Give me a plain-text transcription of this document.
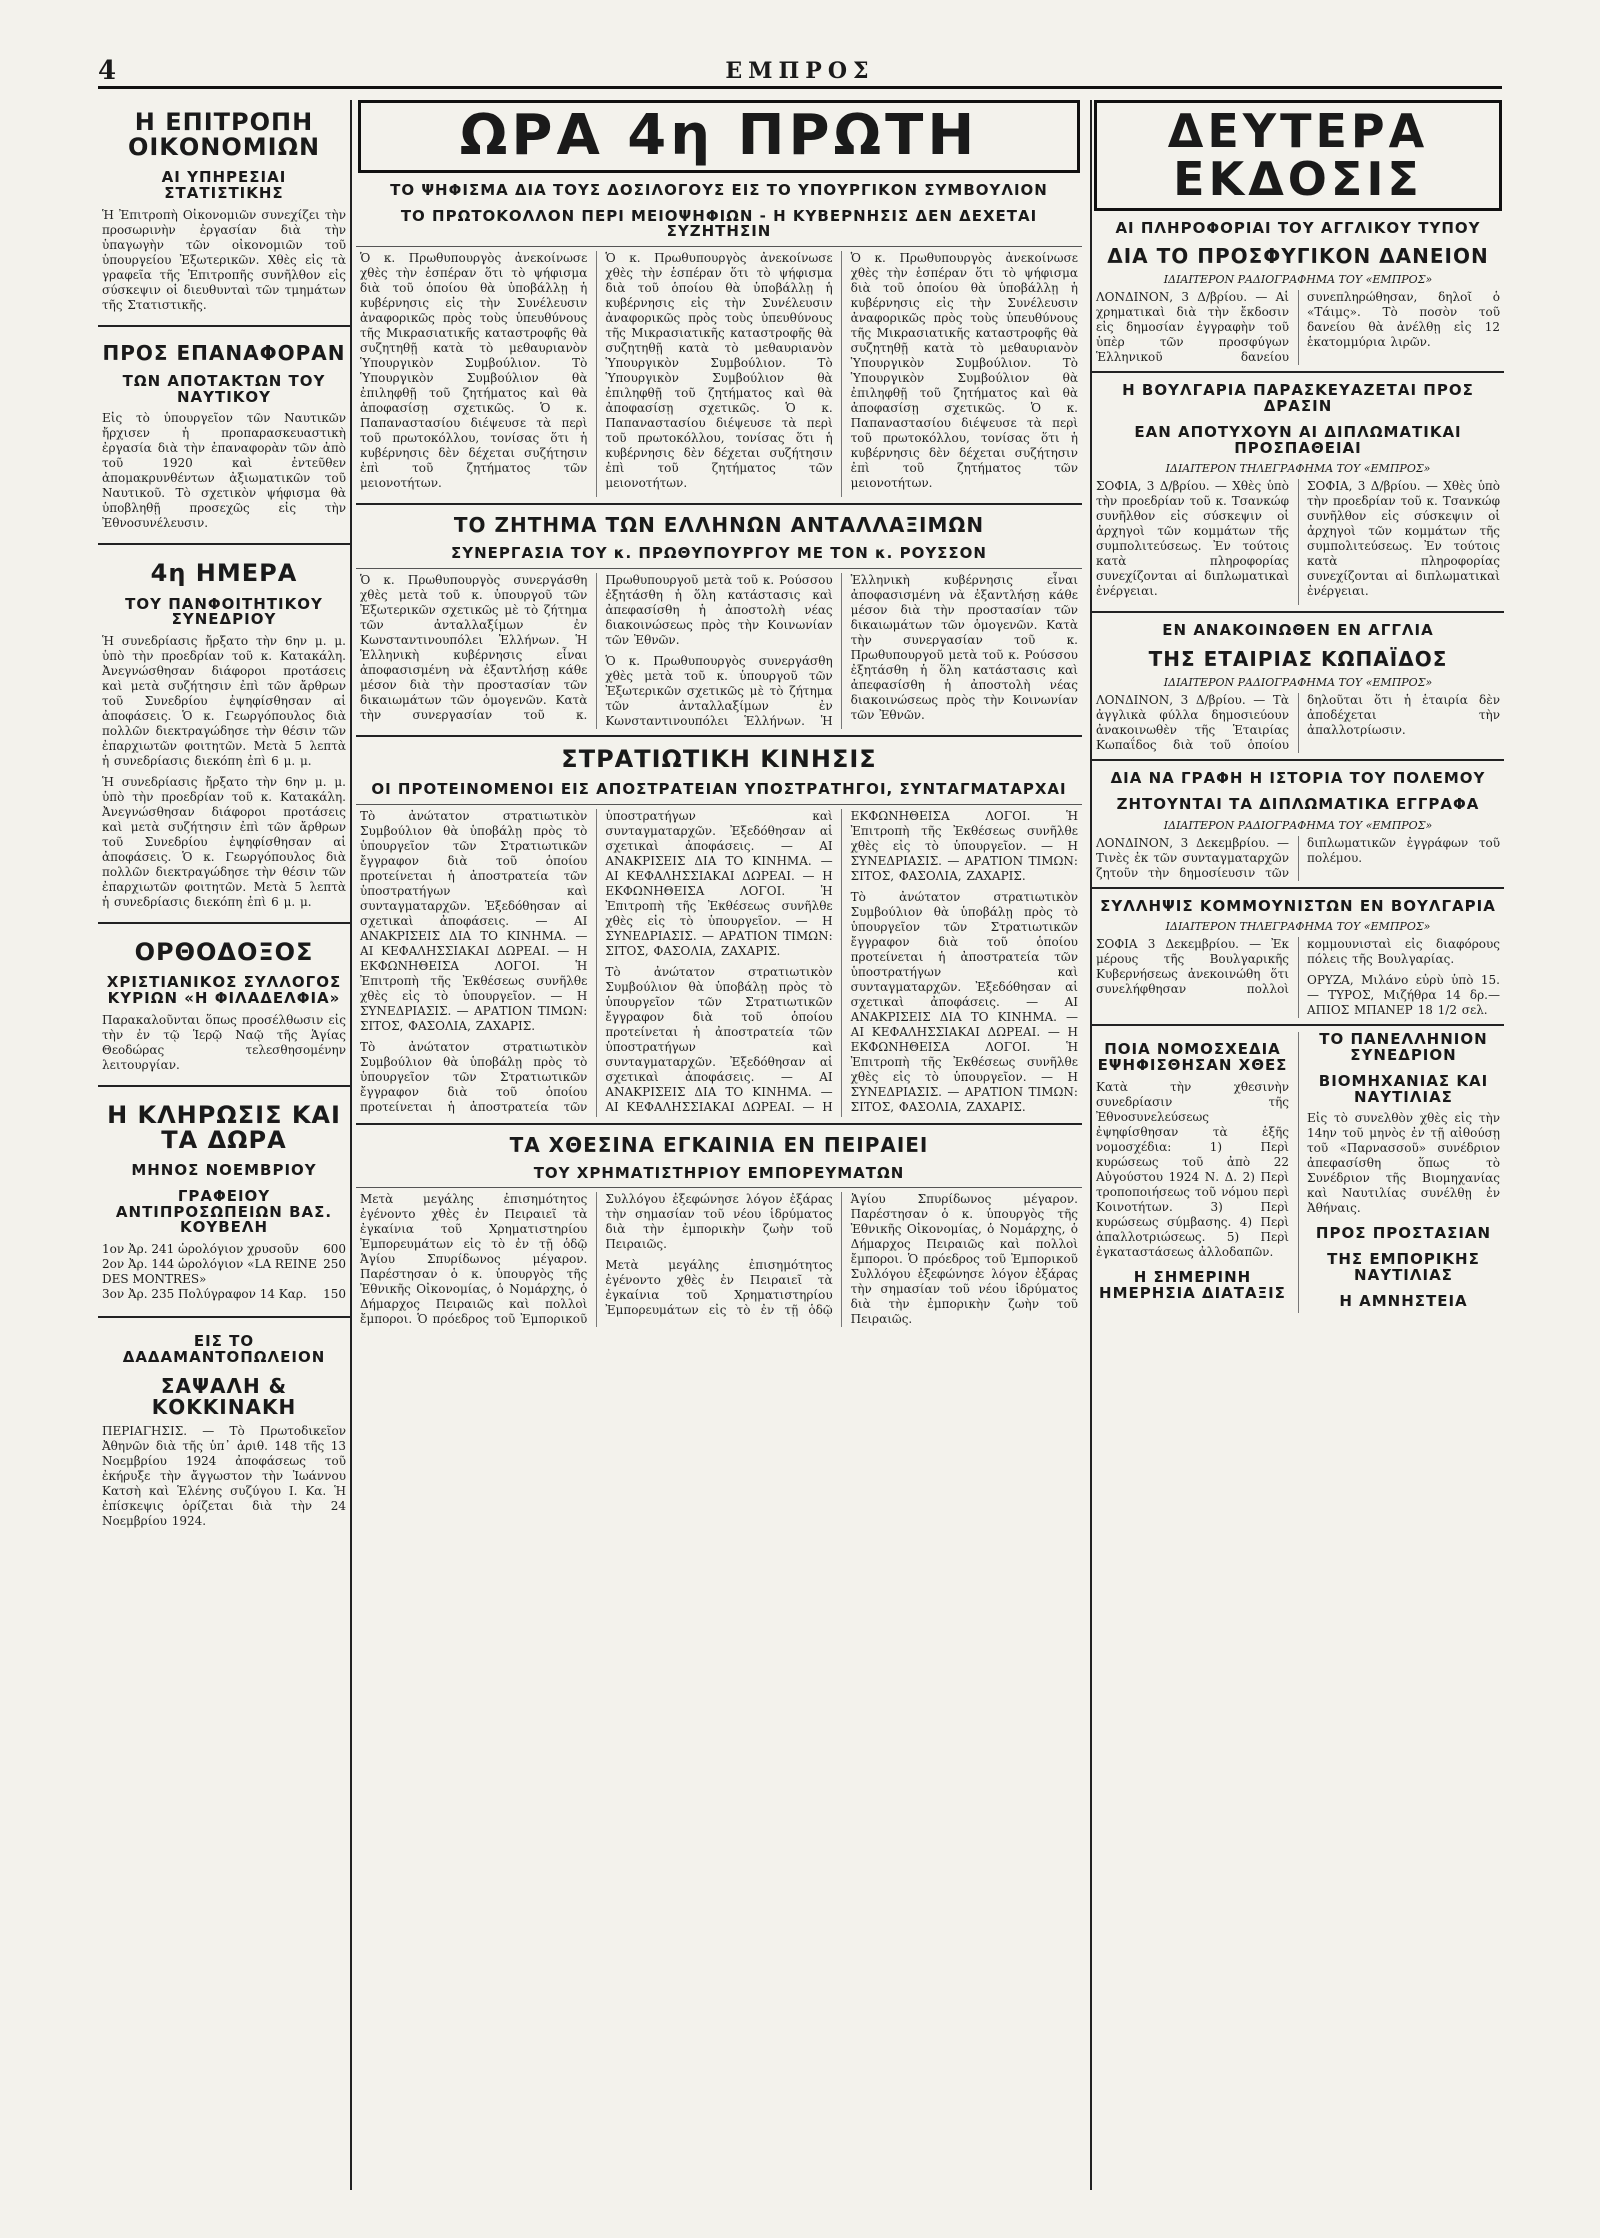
4	ΕΜΠΡΟΣ
Η ΕΠΙΤΡΟΠΗ ΟΙΚΟΝΟΜΙΩΝ
ΑΙ ΥΠΗΡΕΣΙΑΙ ΣΤΑΤΙΣΤΙΚΗΣ

Ἡ Ἐπιτροπὴ Οἰκονομιῶν συνεχίζει τὴν προσωρινὴν ἐργασίαν διὰ τὴν ὑπαγωγὴν τῶν οἰκονομιῶν τοῦ ὑπουργείου Ἐξωτερικῶν. Χθὲς εἰς τὰ γραφεῖα τῆς Ἐπιτροπῆς συνῆλθον εἰς σύσκεψιν οἱ διευθυνταὶ τῶν τμημάτων τῆς Στατιστικῆς.

ΠΡΟΣ ΕΠΑΝΑΦΟΡΑΝ
ΤΩΝ ΑΠΟΤΑΚΤΩΝ ΤΟΥ ΝΑΥΤΙΚΟΥ

Εἰς τὸ ὑπουργεῖον τῶν Ναυτικῶν ἤρχισεν ἡ προπαρασκευαστικὴ ἐργασία διὰ τὴν ἐπαναφορὰν τῶν ἀπὸ τοῦ 1920 καὶ ἐντεῦθεν ἀπομακρυνθέντων ἀξιωματικῶν τοῦ Ναυτικοῦ. Τὸ σχετικὸν ψήφισμα θὰ ὑποβληθῇ προσεχῶς εἰς τὴν Ἐθνοσυνέλευσιν.

4η ΗΜΕΡΑ
ΤΟΥ ΠΑΝΦΟΙΤΗΤΙΚΟΥ ΣΥΝΕΔΡΙΟΥ

Ἡ συνεδρίασις ἤρξατο τὴν 6ην μ. μ. ὑπὸ τὴν προεδρίαν τοῦ κ. Κατακάλη. Ἀνεγνώσθησαν διάφοροι προτάσεις καὶ μετὰ συζήτησιν ἐπὶ τῶν ἄρθρων τοῦ Συνεδρίου ἐψηφίσθησαν αἱ ἀποφάσεις. Ὁ κ. Γεωργόπουλος διὰ πολλῶν διεκτραγώδησε τὴν θέσιν τῶν ἐπαρχιωτῶν φοιτητῶν. Μετὰ 5 λεπτὰ ἡ συνεδρίασις διεκόπη ἐπὶ 6 μ. μ.

Ἡ συνεδρίασις ἤρξατο τὴν 6ην μ. μ. ὑπὸ τὴν προεδρίαν τοῦ κ. Κατακάλη. Ἀνεγνώσθησαν διάφοροι προτάσεις καὶ μετὰ συζήτησιν ἐπὶ τῶν ἄρθρων τοῦ Συνεδρίου ἐψηφίσθησαν αἱ ἀποφάσεις. Ὁ κ. Γεωργόπουλος διὰ πολλῶν διεκτραγώδησε τὴν θέσιν τῶν ἐπαρχιωτῶν φοιτητῶν. Μετὰ 5 λεπτὰ ἡ συνεδρίασις διεκόπη ἐπὶ 6 μ. μ.

ΟΡΘΟΔΟΞΟΣ
ΧΡΙΣΤΙΑΝΙΚΟΣ ΣΥΛΛΟΓΟΣ ΚΥΡΙΩΝ «Η ΦΙΛΑΔΕΛΦΙΑ»

Παρακαλοῦνται ὅπως προσέλθωσιν εἰς τὴν ἐν τῷ Ἱερῷ Ναῷ τῆς Ἁγίας Θεοδώρας τελεσθησομένην λειτουργίαν.

Η ΚΛΗΡΩΣΙΣ ΚΑΙ ΤΑ ΔΩΡΑ
ΜΗΝΟΣ ΝΟΕΜΒΡΙΟΥ
ΓΡΑΦΕΙΟΥ ΑΝΤΙΠΡΟΣΩΠΕΙΩΝ ΒΑΣ. ΚΟΥΒΕΛΗ
1ον Ἀρ. 241 ὡρολόγιον χρυσοῦν 600
2ον Ἀρ. 144 ὡρολόγιον «LA REINE DES MONTRES»
250
3ον Ἀρ. 235 Πολύγραφον 14 Καρ. 150
ΕΙΣ ΤΟ ΔΑΔΑΜΑΝΤΟΠΩΛΕΙΟΝ
ΣΑΨΑΛΗ & ΚΟΚΚΙΝΑΚΗ

ΠΕΡΙΑΓΗΣΙΣ. — Τὸ Πρωτοδικεῖον Ἀθηνῶν διὰ τῆς ὑπ᾽ ἀριθ. 148 τῆς 13 Νοεμβρίου 1924 ἀποφάσεως τοῦ ἐκήρυξε τὴν ἄγγωστον τὴν Ἰωάννου Κατσὴ καὶ Ἑλένης συζύγου I. Κα. Ἡ ἐπίσκεψις ὁρίζεται διὰ τὴν 24 Νοεμβρίου 1924.

ΩΡΑ 4η ΠΡΩΤΗ
ΤΟ ΨΗΦΙΣΜΑ ΔΙΑ ΤΟΥΣ ΔΟΣΙΛΟΓΟΥΣ ΕΙΣ ΤΟ ΥΠΟΥΡΓΙΚΟΝ ΣΥΜΒΟΥΛΙΟΝ
ΤΟ ΠΡΩΤΟΚΟΛΛΟΝ ΠΕΡΙ ΜΕΙΟΨΗΦΙΩΝ - Η ΚΥΒΕΡΝΗΣΙΣ ΔΕΝ ΔΕΧΕΤΑΙ ΣΥΖΗΤΗΣΙΝ

Ὁ κ. Πρωθυπουργὸς ἀνεκοίνωσε χθὲς τὴν ἑσπέραν ὅτι τὸ ψήφισμα διὰ τοῦ ὁποίου θὰ ὑποβάλλῃ ἡ κυβέρνησις εἰς τὴν Συνέλευσιν ἀναφορικῶς πρὸς τοὺς ὑπευθύνους τῆς Μικρασιατικῆς καταστροφῆς θὰ συζητηθῇ κατὰ τὸ μεθαυριανὸν Ὑπουργικὸν Συμβούλιον. Τὸ Ὑπουργικὸν Συμβούλιον θὰ ἐπιληφθῇ τοῦ ζητήματος καὶ θὰ ἀποφασίσῃ σχετικῶς. Ὁ κ. Παπαναστασίου διέψευσε τὰ περὶ τοῦ πρωτοκόλλου, τονίσας ὅτι ἡ κυβέρνησις δὲν δέχεται συζήτησιν ἐπὶ τοῦ ζητήματος τῶν μειονοτήτων.

Ὁ κ. Πρωθυπουργὸς ἀνεκοίνωσε χθὲς τὴν ἑσπέραν ὅτι τὸ ψήφισμα διὰ τοῦ ὁποίου θὰ ὑποβάλλῃ ἡ κυβέρνησις εἰς τὴν Συνέλευσιν ἀναφορικῶς πρὸς τοὺς ὑπευθύνους τῆς Μικρασιατικῆς καταστροφῆς θὰ συζητηθῇ κατὰ τὸ μεθαυριανὸν Ὑπουργικὸν Συμβούλιον. Τὸ Ὑπουργικὸν Συμβούλιον θὰ ἐπιληφθῇ τοῦ ζητήματος καὶ θὰ ἀποφασίσῃ σχετικῶς. Ὁ κ. Παπαναστασίου διέψευσε τὰ περὶ τοῦ πρωτοκόλλου, τονίσας ὅτι ἡ κυβέρνησις δὲν δέχεται συζήτησιν ἐπὶ τοῦ ζητήματος τῶν μειονοτήτων.

Ὁ κ. Πρωθυπουργὸς ἀνεκοίνωσε χθὲς τὴν ἑσπέραν ὅτι τὸ ψήφισμα διὰ τοῦ ὁποίου θὰ ὑποβάλλῃ ἡ κυβέρνησις εἰς τὴν Συνέλευσιν ἀναφορικῶς πρὸς τοὺς ὑπευθύνους τῆς Μικρασιατικῆς καταστροφῆς θὰ συζητηθῇ κατὰ τὸ μεθαυριανὸν Ὑπουργικὸν Συμβούλιον. Τὸ Ὑπουργικὸν Συμβούλιον θὰ ἐπιληφθῇ τοῦ ζητήματος καὶ θὰ ἀποφασίσῃ σχετικῶς. Ὁ κ. Παπαναστασίου διέψευσε τὰ περὶ τοῦ πρωτοκόλλου, τονίσας ὅτι ἡ κυβέρνησις δὲν δέχεται συζήτησιν ἐπὶ τοῦ ζητήματος τῶν μειονοτήτων.

ΤΟ ΖΗΤΗΜΑ ΤΩΝ ΕΛΛΗΝΩΝ ΑΝΤΑΛΛΑΞΙΜΩΝ
ΣΥΝΕΡΓΑΣΙΑ ΤΟΥ κ. ΠΡΩΘΥΠΟΥΡΓΟΥ ΜΕ ΤΟΝ κ. ΡΟΥΣΣΟΝ

Ὁ κ. Πρωθυπουργὸς συνεργάσθη χθὲς μετὰ τοῦ κ. ὑπουργοῦ τῶν Ἐξωτερικῶν σχετικῶς μὲ τὸ ζήτημα τῶν ἀνταλλαξίμων ἐν Κωνσταντινουπόλει Ἑλλήνων. Ἡ Ἑλληνικὴ κυβέρνησις εἶναι ἀποφασισμένη νὰ ἐξαντλήσῃ κάθε μέσον διὰ τὴν προστασίαν τῶν δικαιωμάτων τῶν ὁμογενῶν. Κατὰ τὴν συνεργασίαν τοῦ κ. Πρωθυπουργοῦ μετὰ τοῦ κ. Ρούσσου ἐξητάσθη ἡ ὅλη κατάστασις καὶ ἀπεφασίσθη ἡ ἀποστολὴ νέας διακοινώσεως πρὸς τὴν Κοινωνίαν τῶν Ἐθνῶν.

Ὁ κ. Πρωθυπουργὸς συνεργάσθη χθὲς μετὰ τοῦ κ. ὑπουργοῦ τῶν Ἐξωτερικῶν σχετικῶς μὲ τὸ ζήτημα τῶν ἀνταλλαξίμων ἐν Κωνσταντινουπόλει Ἑλλήνων. Ἡ Ἑλληνικὴ κυβέρνησις εἶναι ἀποφασισμένη νὰ ἐξαντλήσῃ κάθε μέσον διὰ τὴν προστασίαν τῶν δικαιωμάτων τῶν ὁμογενῶν. Κατὰ τὴν συνεργασίαν τοῦ κ. Πρωθυπουργοῦ μετὰ τοῦ κ. Ρούσσου ἐξητάσθη ἡ ὅλη κατάστασις καὶ ἀπεφασίσθη ἡ ἀποστολὴ νέας διακοινώσεως πρὸς τὴν Κοινωνίαν τῶν Ἐθνῶν.

ΣΤΡΑΤΙΩΤΙΚΗ ΚΙΝΗΣΙΣ
ΟΙ ΠΡΟΤΕΙΝΟΜΕΝΟΙ ΕΙΣ ΑΠΟΣΤΡΑΤΕΙΑΝ ΥΠΟΣΤΡΑΤΗΓΟΙ, ΣΥΝΤΑΓΜΑΤΑΡΧΑΙ

Τὸ ἀνώτατον στρατιωτικὸν Συμβούλιον θὰ ὑποβάλῃ πρὸς τὸ ὑπουργεῖον τῶν Στρατιωτικῶν ἔγγραφον διὰ τοῦ ὁποίου προτείνεται ἡ ἀποστρατεία τῶν ὑποστρατήγων καὶ συνταγματαρχῶν. Ἐξεδόθησαν αἱ σχετικαὶ ἀποφάσεις. — ΑΙ ΑΝΑΚΡΙΣΕΙΣ ΔΙΑ ΤΟ ΚΙΝΗΜΑ. — ΑΙ ΚΕΦΑΛΗΣΣΙΑΚΑΙ ΔΩΡΕΑΙ. — Η ΕΚΦΩΝΗΘΕΙΣΑ ΛΟΓΟΙ. Ἡ Ἐπιτροπὴ τῆς Ἐκθέσεως συνῆλθε χθὲς εἰς τὸ ὑπουργεῖον. — Η ΣΥΝΕΔΡΙΑΣΙΣ. — ΑΡΑΤΙΟΝ ΤΙΜΩΝ: ΣΙΤΟΣ, ΦΑΣΟΛΙΑ, ΖΑΧΑΡΙΣ.

Τὸ ἀνώτατον στρατιωτικὸν Συμβούλιον θὰ ὑποβάλῃ πρὸς τὸ ὑπουργεῖον τῶν Στρατιωτικῶν ἔγγραφον διὰ τοῦ ὁποίου προτείνεται ἡ ἀποστρατεία τῶν ὑποστρατήγων καὶ συνταγματαρχῶν. Ἐξεδόθησαν αἱ σχετικαὶ ἀποφάσεις. — ΑΙ ΑΝΑΚΡΙΣΕΙΣ ΔΙΑ ΤΟ ΚΙΝΗΜΑ. — ΑΙ ΚΕΦΑΛΗΣΣΙΑΚΑΙ ΔΩΡΕΑΙ. — Η ΕΚΦΩΝΗΘΕΙΣΑ ΛΟΓΟΙ. Ἡ Ἐπιτροπὴ τῆς Ἐκθέσεως συνῆλθε χθὲς εἰς τὸ ὑπουργεῖον. — Η ΣΥΝΕΔΡΙΑΣΙΣ. — ΑΡΑΤΙΟΝ ΤΙΜΩΝ: ΣΙΤΟΣ, ΦΑΣΟΛΙΑ, ΖΑΧΑΡΙΣ.

Τὸ ἀνώτατον στρατιωτικὸν Συμβούλιον θὰ ὑποβάλῃ πρὸς τὸ ὑπουργεῖον τῶν Στρατιωτικῶν ἔγγραφον διὰ τοῦ ὁποίου προτείνεται ἡ ἀποστρατεία τῶν ὑποστρατήγων καὶ συνταγματαρχῶν. Ἐξεδόθησαν αἱ σχετικαὶ ἀποφάσεις. — ΑΙ ΑΝΑΚΡΙΣΕΙΣ ΔΙΑ ΤΟ ΚΙΝΗΜΑ. — ΑΙ ΚΕΦΑΛΗΣΣΙΑΚΑΙ ΔΩΡΕΑΙ. — Η ΕΚΦΩΝΗΘΕΙΣΑ ΛΟΓΟΙ. Ἡ Ἐπιτροπὴ τῆς Ἐκθέσεως συνῆλθε χθὲς εἰς τὸ ὑπουργεῖον. — Η ΣΥΝΕΔΡΙΑΣΙΣ. — ΑΡΑΤΙΟΝ ΤΙΜΩΝ: ΣΙΤΟΣ, ΦΑΣΟΛΙΑ, ΖΑΧΑΡΙΣ.

Τὸ ἀνώτατον στρατιωτικὸν Συμβούλιον θὰ ὑποβάλῃ πρὸς τὸ ὑπουργεῖον τῶν Στρατιωτικῶν ἔγγραφον διὰ τοῦ ὁποίου προτείνεται ἡ ἀποστρατεία τῶν ὑποστρατήγων καὶ συνταγματαρχῶν. Ἐξεδόθησαν αἱ σχετικαὶ ἀποφάσεις. — ΑΙ ΑΝΑΚΡΙΣΕΙΣ ΔΙΑ ΤΟ ΚΙΝΗΜΑ. — ΑΙ ΚΕΦΑΛΗΣΣΙΑΚΑΙ ΔΩΡΕΑΙ. — Η ΕΚΦΩΝΗΘΕΙΣΑ ΛΟΓΟΙ. Ἡ Ἐπιτροπὴ τῆς Ἐκθέσεως συνῆλθε χθὲς εἰς τὸ ὑπουργεῖον. — Η ΣΥΝΕΔΡΙΑΣΙΣ. — ΑΡΑΤΙΟΝ ΤΙΜΩΝ: ΣΙΤΟΣ, ΦΑΣΟΛΙΑ, ΖΑΧΑΡΙΣ.

ΤΑ ΧΘΕΣΙΝΑ ΕΓΚΑΙΝΙΑ ΕΝ ΠΕΙΡΑΙΕΙ
ΤΟΥ ΧΡΗΜΑΤΙΣΤΗΡΙΟΥ ΕΜΠΟΡΕΥΜΑΤΩΝ

Μετὰ μεγάλης ἐπισημότητος ἐγένοντο χθὲς ἐν Πειραιεῖ τὰ ἐγκαίνια τοῦ Χρηματιστηρίου Ἐμπορευμάτων εἰς τὸ ἐν τῇ ὁδῷ Ἁγίου Σπυρίδωνος μέγαρον. Παρέστησαν ὁ κ. ὑπουργὸς τῆς Ἐθνικῆς Οἰκονομίας, ὁ Νομάρχης, ὁ Δήμαρχος Πειραιῶς καὶ πολλοὶ ἔμποροι. Ὁ πρόεδρος τοῦ Ἐμπορικοῦ Συλλόγου ἐξεφώνησε λόγον ἐξάρας τὴν σημασίαν τοῦ νέου ἱδρύματος διὰ τὴν ἐμπορικὴν ζωὴν τοῦ Πειραιῶς.

Μετὰ μεγάλης ἐπισημότητος ἐγένοντο χθὲς ἐν Πειραιεῖ τὰ ἐγκαίνια τοῦ Χρηματιστηρίου Ἐμπορευμάτων εἰς τὸ ἐν τῇ ὁδῷ Ἁγίου Σπυρίδωνος μέγαρον. Παρέστησαν ὁ κ. ὑπουργὸς τῆς Ἐθνικῆς Οἰκονομίας, ὁ Νομάρχης, ὁ Δήμαρχος Πειραιῶς καὶ πολλοὶ ἔμποροι. Ὁ πρόεδρος τοῦ Ἐμπορικοῦ Συλλόγου ἐξεφώνησε λόγον ἐξάρας τὴν σημασίαν τοῦ νέου ἱδρύματος διὰ τὴν ἐμπορικὴν ζωὴν τοῦ Πειραιῶς.

ΔΕΥΤΕΡΑ ΕΚΔΟΣΙΣ
ΑΙ ΠΛΗΡΟΦΟΡΙΑΙ ΤΟΥ ΑΓΓΛΙΚΟΥ ΤΥΠΟΥ
ΔΙΑ ΤΟ ΠΡΟΣΦΥΓΙΚΟΝ ΔΑΝΕΙΟΝ
ΙΔΙΑΙΤΕΡΟΝ ΡΑΔΙΟΓΡΑΦΗΜΑ ΤΟΥ «ΕΜΠΡΟΣ»

ΛΟΝΔΙΝΟΝ, 3 Δ/βρίου. — Αἱ χρηματικαὶ διὰ τὴν ἔκδοσιν εἰς δημοσίαν ἐγγραφὴν τοῦ ὑπὲρ τῶν προσφύγων Ἑλληνικοῦ δανείου συνεπληρώθησαν, δηλοῖ ὁ «Τάιμς». Τὸ ποσὸν τοῦ δανείου θὰ ἀνέλθῃ εἰς 12 ἑκατομμύρια λιρῶν.

Η ΒΟΥΛΓΑΡΙΑ ΠΑΡΑΣΚΕΥΑΖΕΤΑΙ ΠΡΟΣ ΔΡΑΣΙΝ
ΕΑΝ ΑΠΟΤΥΧΟΥΝ ΑΙ ΔΙΠΛΩΜΑΤΙΚΑΙ ΠΡΟΣΠΑΘΕΙΑΙ
ΙΔΙΑΙΤΕΡΟΝ ΤΗΛΕΓΡΑΦΗΜΑ ΤΟΥ «ΕΜΠΡΟΣ»

ΣΟΦΙΑ, 3 Δ/βρίου. — Χθὲς ὑπὸ τὴν προεδρίαν τοῦ κ. Τσανκώφ συνῆλθον εἰς σύσκεψιν οἱ ἀρχηγοὶ τῶν κομμάτων τῆς συμπολιτεύσεως. Ἐν τούτοις κατὰ πληροφορίας συνεχίζονται αἱ διπλωματικαὶ ἐνέργειαι.

ΣΟΦΙΑ, 3 Δ/βρίου. — Χθὲς ὑπὸ τὴν προεδρίαν τοῦ κ. Τσανκώφ συνῆλθον εἰς σύσκεψιν οἱ ἀρχηγοὶ τῶν κομμάτων τῆς συμπολιτεύσεως. Ἐν τούτοις κατὰ πληροφορίας συνεχίζονται αἱ διπλωματικαὶ ἐνέργειαι.

ΕΝ ΑΝΑΚΟΙΝΩΘΕΝ ΕΝ ΑΓΓΛΙΑ
ΤΗΣ ΕΤΑΙΡΙΑΣ ΚΩΠΑΪΔΟΣ
ΙΔΙΑΙΤΕΡΟΝ ΡΑΔΙΟΓΡΑΦΗΜΑ ΤΟΥ «ΕΜΠΡΟΣ»

ΛΟΝΔΙΝΟΝ, 3 Δ/βρίου. — Τὰ ἀγγλικὰ φύλλα δημοσιεύουν ἀνακοινωθὲν τῆς Ἑταιρίας Κωπαΐδος διὰ τοῦ ὁποίου δηλοῦται ὅτι ἡ ἑταιρία δὲν ἀποδέχεται τὴν ἀπαλλοτρίωσιν.

ΔΙΑ ΝΑ ΓΡΑΦΗ Η ΙΣΤΟΡΙΑ ΤΟΥ ΠΟΛΕΜΟΥ
ΖΗΤΟΥΝΤΑΙ ΤΑ ΔΙΠΛΩΜΑΤΙΚΑ ΕΓΓΡΑΦΑ
ΙΔΙΑΙΤΕΡΟΝ ΡΑΔΙΟΓΡΑΦΗΜΑ ΤΟΥ «ΕΜΠΡΟΣ»

ΛΟΝΔΙΝΟΝ, 3 Δεκεμβρίου. — Τινὲς ἐκ τῶν συνταγματαρχῶν ζητοῦν τὴν δημοσίευσιν τῶν διπλωματικῶν ἐγγράφων τοῦ πολέμου.

ΣΥΛΛΗΨΙΣ ΚΟΜΜΟΥΝΙΣΤΩΝ ΕΝ ΒΟΥΛΓΑΡΙΑ
ΙΔΙΑΙΤΕΡΟΝ ΤΗΛΕΓΡΑΦΗΜΑ ΤΟΥ «ΕΜΠΡΟΣ»

ΣΟΦΙΑ 3 Δεκεμβρίου. — Ἐκ μέρους τῆς Βουλγαρικῆς Κυβερνήσεως ἀνεκοινώθη ὅτι συνελήφθησαν πολλοὶ κομμουνισταὶ εἰς διαφόρους πόλεις τῆς Βουλγαρίας.

ΟΡΥΖΑ, Μιλάνο εὐρὺ ὑπὸ 15.— ΤΥΡΟΣ, Μιζήθρα 14 δρ.— ΑΠΙΟΣ ΜΠΑΝΕΡ 18 1/2 σελ.

ΠΟΙΑ ΝΟΜΟΣΧΕΔΙΑ ΕΨΗΦΙΣΘΗΣΑΝ ΧΘΕΣ

Κατὰ τὴν χθεσινὴν συνεδρίασιν τῆς Ἐθνοσυνελεύσεως ἐψηφίσθησαν τὰ ἑξῆς νομοσχέδια: 1) Περὶ κυρώσεως τοῦ ἀπὸ 22 Αὐγούστου 1924 Ν. Δ. 2) Περὶ τροποποιήσεως τοῦ νόμου περὶ Κοινοτήτων. 3) Περὶ κυρώσεως σύμβασης. 4) Περὶ ἀπαλλοτριώσεως. 5) Περὶ ἐγκαταστάσεως ἀλλοδαπῶν.

Η ΣΗΜΕΡΙΝΗ ΗΜΕΡΗΣΙΑ ΔΙΑΤΑΞΙΣ
ΤΟ ΠΑΝΕΛΛΗΝΙΟΝ ΣΥΝΕΔΡΙΟΝ
ΒΙΟΜΗΧΑΝΙΑΣ ΚΑΙ ΝΑΥΤΙΛΙΑΣ

Εἰς τὸ συνελθὸν χθὲς εἰς τὴν 14ην τοῦ μηνὸς ἐν τῇ αἰθούσῃ τοῦ «Παρνασσοῦ» συνέδριον ἀπεφασίσθη ὅπως τὸ Συνέδριον τῆς Βιομηχανίας καὶ Ναυτιλίας συνέλθῃ ἐν Ἀθήναις.

ΠΡΟΣ ΠΡΟΣΤΑΣΙΑΝ
ΤΗΣ ΕΜΠΟΡΙΚΗΣ ΝΑΥΤΙΛΙΑΣ
Η ΑΜΝΗΣΤΕΙΑ
